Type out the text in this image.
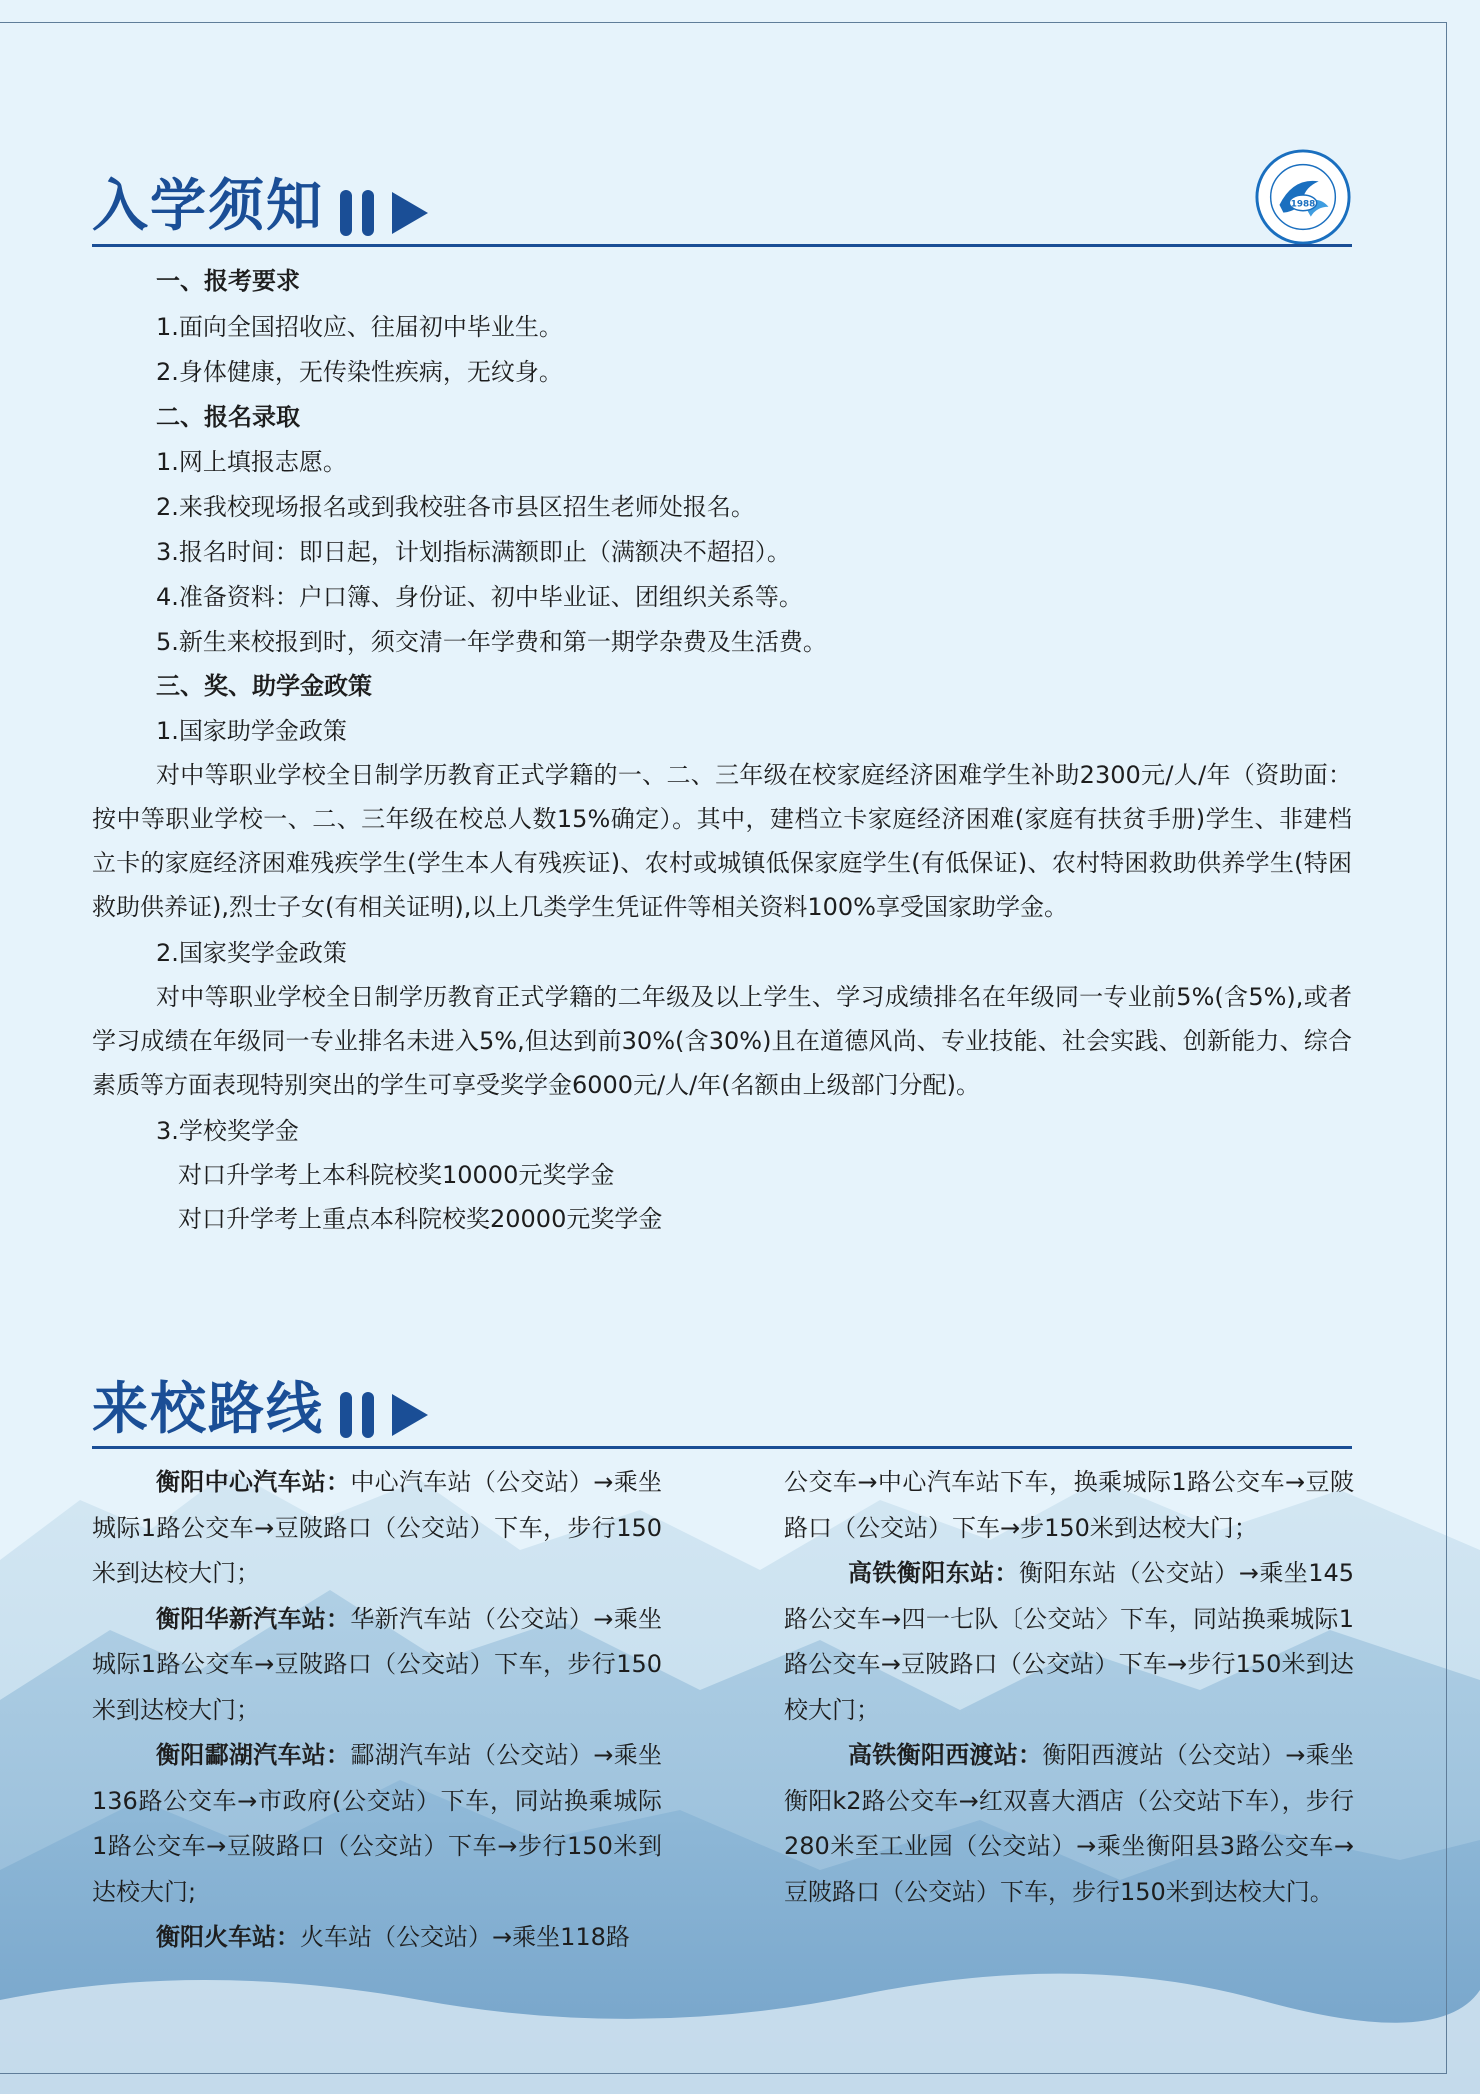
1988
入学须知

一、报考要求

1.面向全国招收应、往届初中毕业生。

2.身体健康，无传染性疾病，无纹身。

二、报名录取

1.网上填报志愿。

2.来我校现场报名或到我校驻各市县区招生老师处报名。

3.报名时间：即日起，计划指标满额即止（满额决不超招）。

4.准备资料：户口簿、身份证、初中毕业证、团组织关系等。

5.新生来校报到时，须交清一年学费和第一期学杂费及生活费。

三、奖、助学金政策

1.国家助学金政策

对中等职业学校全日制学历教育正式学籍的一、二、三年级在校家庭经济困难学生补助2300元/人/年（资助面：按中等职业学校一、二、三年级在校总人数15%确定）。其中，建档立卡家庭经济困难(家庭有扶贫手册)学生、非建档立卡的家庭经济困难残疾学生(学生本人有残疾证)、农村或城镇低保家庭学生(有低保证)、农村特困救助供养学生(特困救助供养证),烈士子女(有相关证明),以上几类学生凭证件等相关资料100%享受国家助学金。

2.国家奖学金政策

对中等职业学校全日制学历教育正式学籍的二年级及以上学生、学习成绩排名在年级同一专业前5%(含5%),或者学习成绩在年级同一专业排名未进入5%,但达到前30%(含30%)且在道德风尚、专业技能、社会实践、创新能力、综合素质等方面表现特别突出的学生可享受奖学金6000元/人/年(名额由上级部门分配)。

3.学校奖学金

对口升学考上本科院校奖10000元奖学金

对口升学考上重点本科院校奖20000元奖学金

来校路线

衡阳中心汽车站：中心汽车站（公交站）→乘坐城际1路公交车→豆陂路口（公交站）下车，步行150米到达校大门；

衡阳华新汽车站：华新汽车站（公交站）→乘坐城际1路公交车→豆陂路口（公交站）下车，步行150米到达校大门；

衡阳酃湖汽车站：酃湖汽车站（公交站）→乘坐136路公交车→市政府(公交站）下车，同站换乘城际1路公交车→豆陂路口（公交站）下车→步行150米到达校大门;

衡阳火车站：火车站（公交站）→乘坐118路

公交车→中心汽车站下车，换乘城际1路公交车→豆陂路口（公交站）下车→步150米到达校大门；

高铁衡阳东站：衡阳东站（公交站）→乘坐145路公交车→四一七队〔公交站〉下车，同站换乘城际1路公交车→豆陂路口（公交站）下车→步行150米到达校大门；

高铁衡阳西渡站：衡阳西渡站（公交站）→乘坐衡阳k2路公交车→红双喜大酒店（公交站下车），步行280米至工业园（公交站）→乘坐衡阳县3路公交车→豆陂路口（公交站）下车，步行150米到达校大门。
